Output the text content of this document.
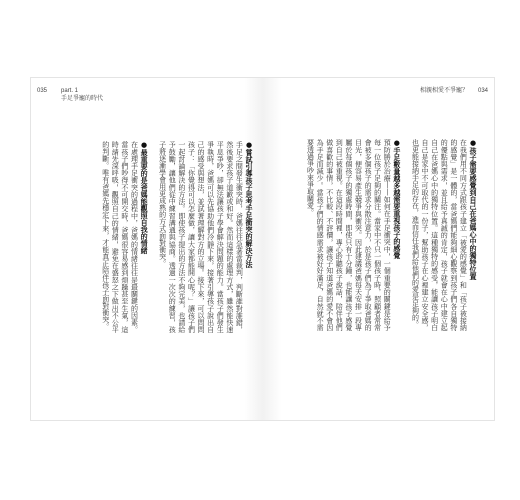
035 part. 1
手足爭寵的時代
●嘗試引導孩子思考手足衝突的解決方法

手足之間發生衝突時，爸媽往往急著當裁判，判斷誰對誰錯，然後要求孩子道歉或和好。然而這樣的處理方式，雖然能快速平息爭吵，卻無法讓孩子學會解決問題的能力。當孩子們發生爭執時，爸媽可以先協助他們冷靜下來，接著引導孩子說出自己的感受與想法，並試著理解對方的立場。接下來，可以問問孩子：「你覺得可以怎麼做，讓大家都能開心呢？」讓孩子們一起討論解決的方法。即使孩子提出的方法不夠完美，也請給予鼓勵，讓他們從中練習溝通與協商。透過一次次的練習，孩子將逐漸學會用更成熟的方式面對衝突。

●最重要的是爸媽能觀照自我的情緒

在處理手足衝突的過程中，爸媽的情緒往往是最關鍵的因素。當孩子們吵得不可開交時，爸媽很容易感到煩躁甚至生氣，這時請先深呼吸，觀照自己的情緒，避免在盛怒之下做出不公平的判斷。唯有爸媽先穩定下來，才能真正陪伴孩子面對衝突。

相親相愛不爭寵？ 034
●孩子需要感覺到自己在爸媽心中的獨特位置

在我們用不同方式跟孩子建立「被愛的感覺」和「孩子被接納的感覺」是一體的，當爸媽們能夠細心觀察到孩子們各自獨特的優點與需求，並且給予真誠的肯定，孩子就會在心中建立起自己在爸媽心中的獨特位置。這種獨特的感受，能讓孩子明白自己是家中不可取代的一份子，幫助孩子在心裡建立安全感，也更能接納手足的存在，進而信任我們給他們的愛是足夠的。

●手足數量越多越需要重視孩子的感覺

預防勝於治療——如何在手足衝突中，一個重要的關鍵是給予每一位孩子足夠的關注。當家中不只一個孩子時，照顧者常常會被多個孩子的需求分散注意力，於是孩子們為了爭取爸媽的目光，便容易產生競爭與衝突。因此建議爸媽每天安排一段專屬於每個孩子的獨處時間，即使只有十分鐘，也能讓孩子感覺到自己被重視。在這段時間裡，專心聆聽孩子說話，陪伴他們做喜歡的事情，不比較、不評價，讓孩子知道爸媽的愛不會因為手足而減少。當孩子們的情感需求被好好滿足，自然就不需要透過爭吵來爭取關愛。
